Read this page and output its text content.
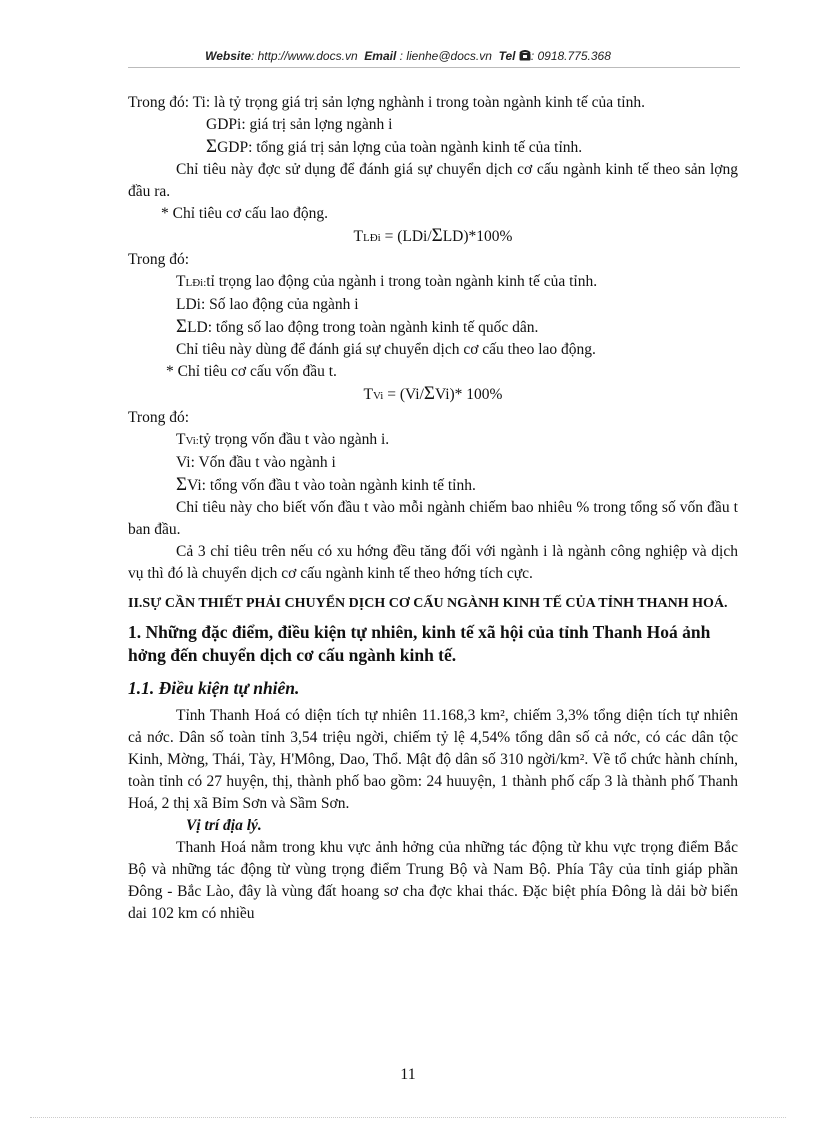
Website: http://www.docs.vn Email : lienhe@docs.vn Tel : 0918.775.368

Trong đó: Ti: là tỷ trọng giá trị sản lợng nghành i trong toàn ngành kinh tế của tỉnh.

GDPi: giá trị sản lợng ngành i

ΣGDP: tổng giá trị sản lợng của toàn ngành kinh tế của tỉnh.

Chỉ tiêu này đợc sử dụng để đánh giá sự chuyển dịch cơ cấu ngành kinh tế theo sản lợng đầu ra.

* Chỉ tiêu cơ cấu lao động.

TLĐi = (LDi/ΣLD)*100%

Trong đó:

TLĐi:tỉ trọng lao động của ngành i trong toàn ngành kinh tế của tỉnh.

LDi: Số lao động của ngành i

ΣLD: tổng số lao động trong toàn ngành kinh tế quốc dân.

Chỉ tiêu này dùng để đánh giá sự chuyển dịch cơ cấu theo lao động.

* Chỉ tiêu cơ cấu vốn đầu t.

TVi = (Vi/ΣVi)* 100%

Trong đó:

TVi:tỷ trọng vốn đầu t vào ngành i.

Vi: Vốn đầu t vào ngành i

ΣVi: tổng vốn đầu t vào toàn ngành kinh tế tỉnh.

Chỉ tiêu này cho biết vốn đầu t vào mỗi ngành chiếm bao nhiêu % trong tổng số vốn đầu t ban đầu.

Cả 3 chỉ tiêu trên nếu có xu hớng đều tăng đối với ngành i là ngành công nghiệp và dịch vụ thì đó là chuyển dịch cơ cấu ngành kinh tế theo hớng tích cực.

II.SỰ CẦN THIẾT PHẢI CHUYỂN DỊCH CƠ CẤU NGÀNH KINH TẾ CỦA TỈNH THANH HOÁ.

1. Những đặc điểm, điều kiện tự nhiên, kinh tế xã hội của tỉnh Thanh Hoá ảnh hởng đến chuyển dịch cơ cấu ngành kinh tế.

1.1. Điều kiện tự nhiên.

Tỉnh Thanh Hoá có diện tích tự nhiên 11.168,3 km², chiếm 3,3% tổng diện tích tự nhiên cả nớc. Dân số toàn tỉnh 3,54 triệu ngời, chiếm tỷ lệ 4,54% tổng dân số cả nớc, có các dân tộc Kinh, Mờng, Thái, Tày, H'Mông, Dao, Thổ. Mật độ dân số 310 ngời/km². Về tổ chức hành chính, toàn tỉnh có 27 huyện, thị, thành phố bao gồm: 24 huuyện, 1 thành phố cấp 3 là thành phố Thanh Hoá, 2 thị xã Bỉm Sơn và Sầm Sơn.

Vị trí địa lý.

Thanh Hoá nằm trong khu vực ảnh hởng của những tác động từ khu vực trọng điểm Bắc Bộ và những tác động từ vùng trọng điểm Trung Bộ và Nam Bộ. Phía Tây của tỉnh giáp phần Đông - Bắc Lào, đây là vùng đất hoang sơ cha đợc khai thác. Đặc biệt phía Đông là dải bờ biển dai 102 km có nhiều

11
